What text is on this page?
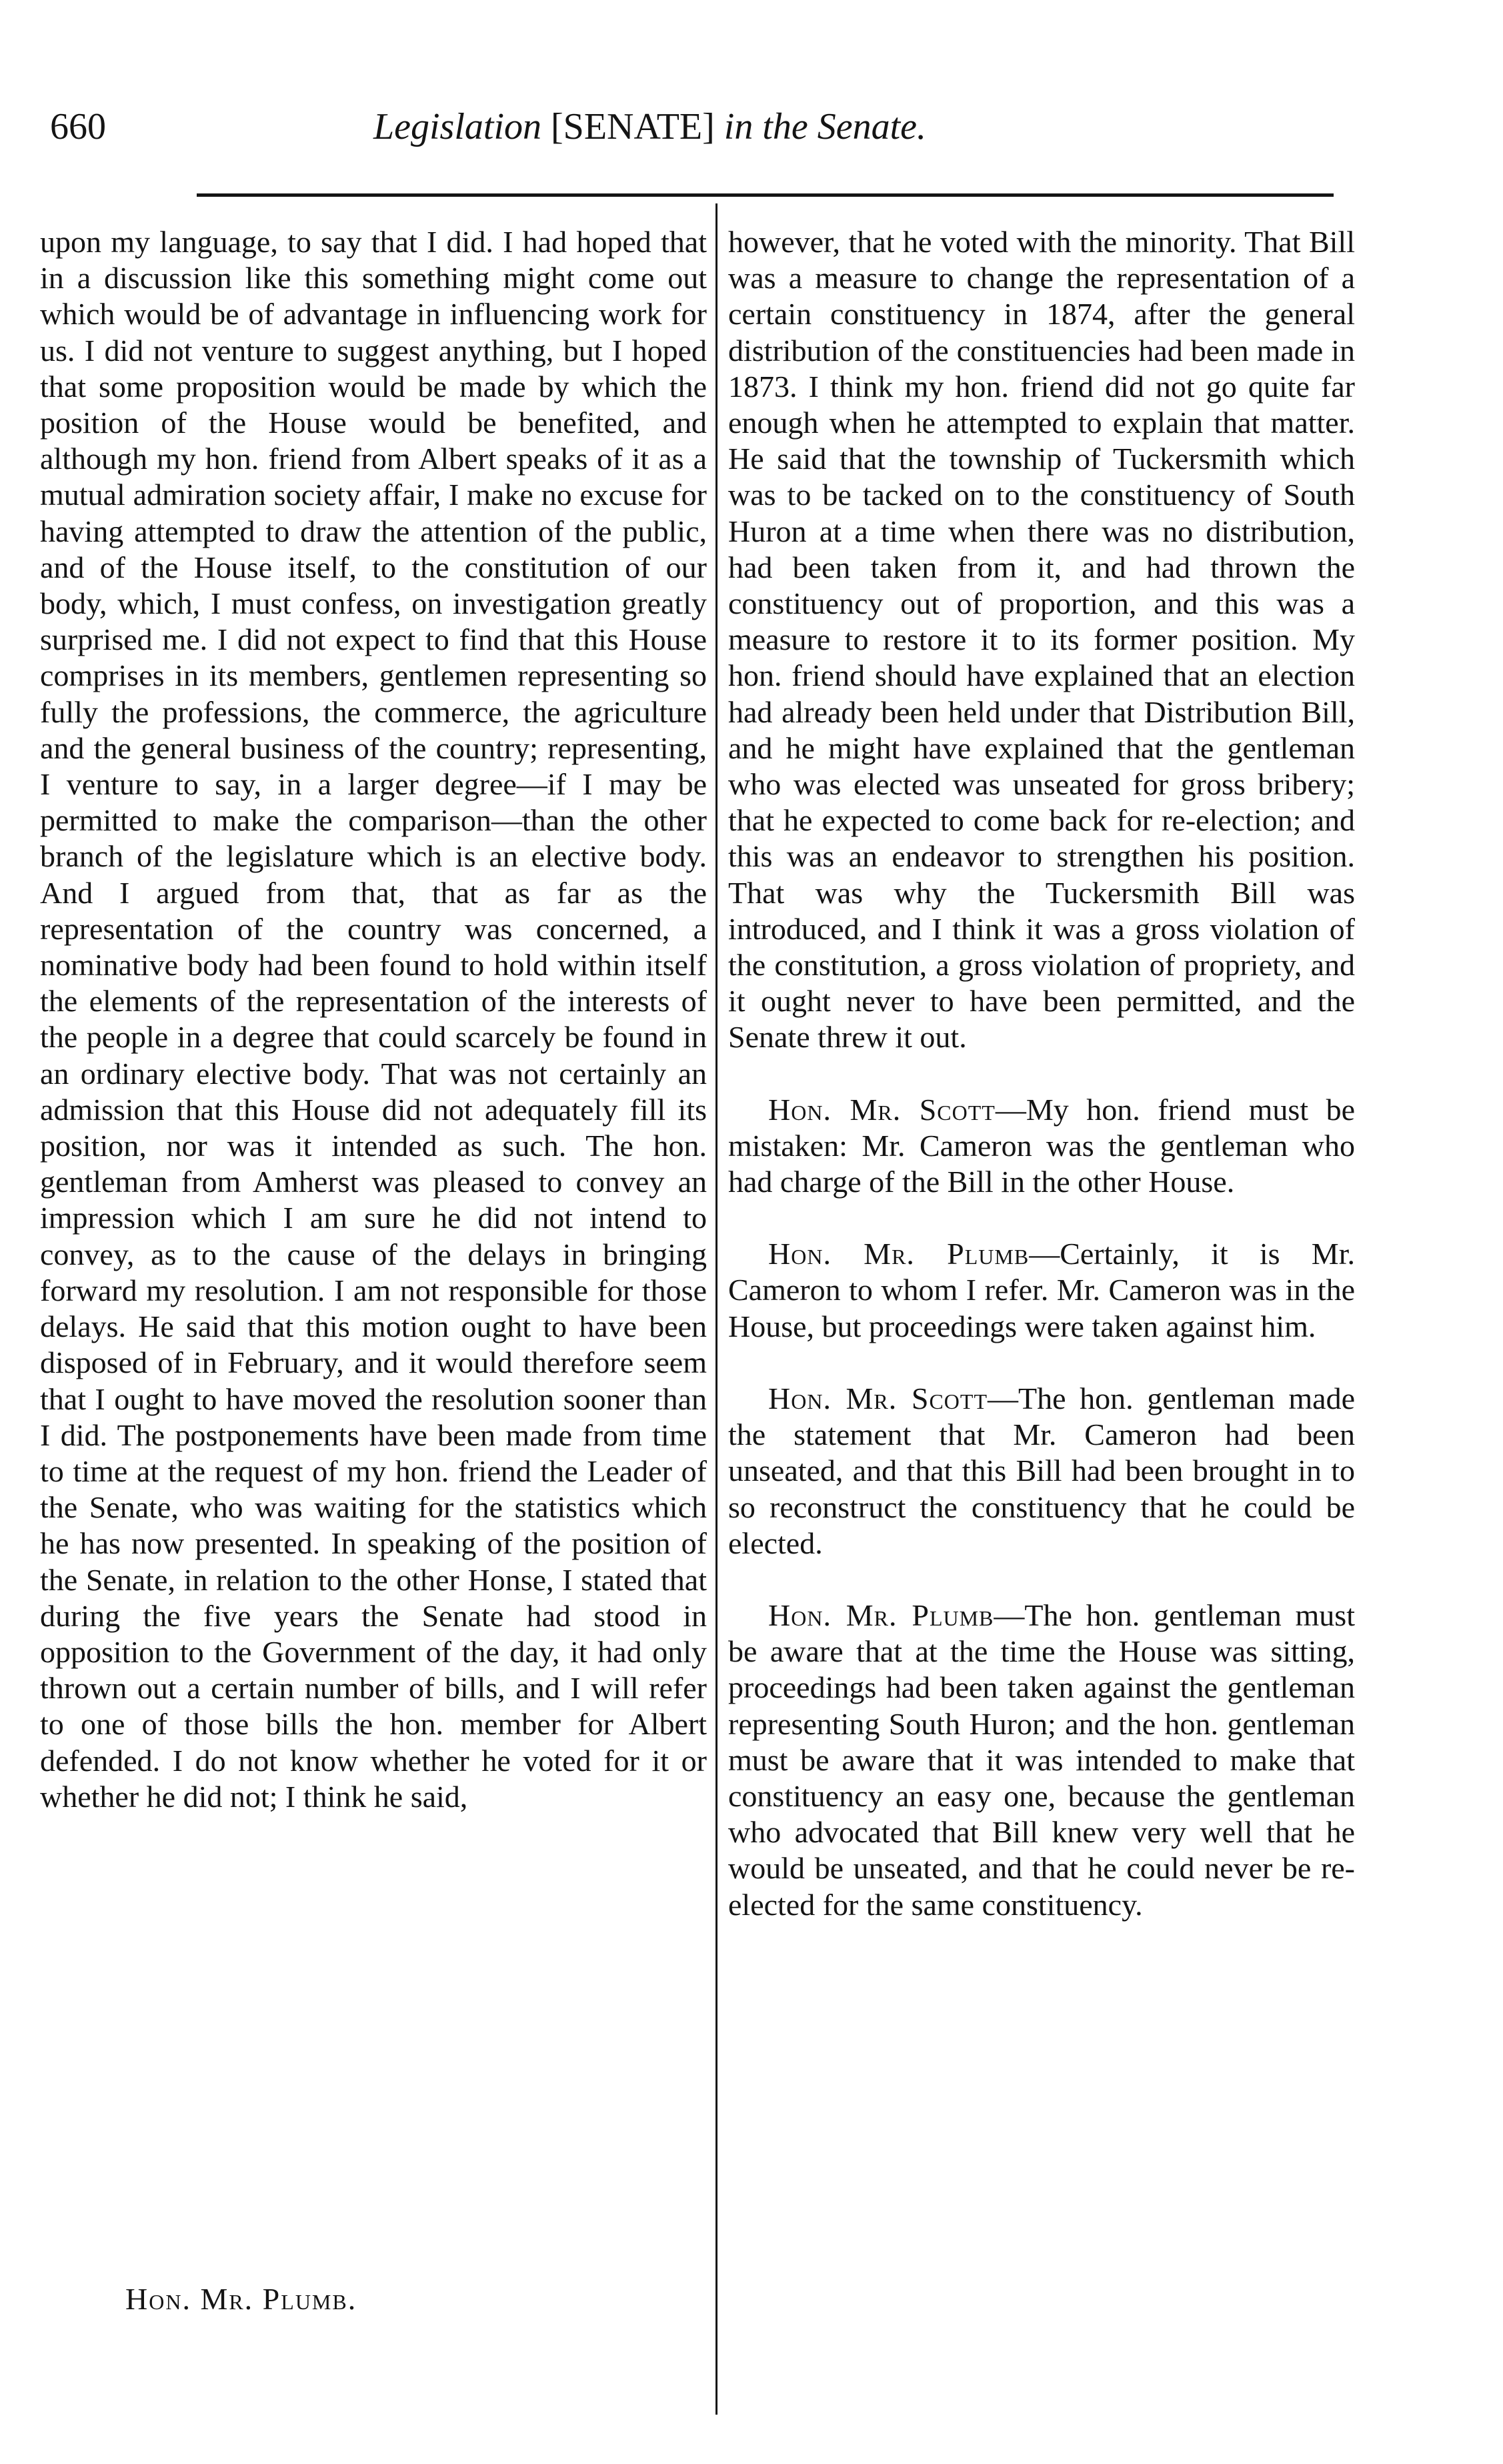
660	Legislation [SENATE] in the Senate.

upon my language, to say that I did. I had hoped that in a discussion like this something might come out which would be of advantage in influencing work for us. I did not venture to suggest anything, but I hoped that some proposition would be made by which the position of the House would be benefited, and although my hon. friend from Albert speaks of it as a mutual admiration society affair, I make no excuse for having attempted to draw the attention of the public, and of the House itself, to the constitution of our body, which, I must confess, on investigation greatly surprised me. I did not expect to find that this House comprises in its members, gentlemen representing so fully the professions, the commerce, the agriculture and the general business of the country; representing, I venture to say, in a larger degree—if I may be permitted to make the comparison—than the other branch of the legislature which is an elective body. And I argued from that, that as far as the representation of the country was concerned, a nominative body had been found to hold within itself the elements of the representation of the interests of the people in a degree that could scarcely be found in an ordinary elective body. That was not certainly an admission that this House did not adequately fill its position, nor was it intended as such. The hon. gentleman from Amherst was pleased to convey an impression which I am sure he did not intend to convey, as to the cause of the delays in bringing forward my resolution. I am not responsible for those delays. He said that this motion ought to have been disposed of in February, and it would therefore seem that I ought to have moved the resolution sooner than I did. The postponements have been made from time to time at the request of my hon. friend the Leader of the Senate, who was waiting for the statistics which he has now presented. In speaking of the position of the Senate, in relation to the other Honse, I stated that during the five years the Senate had stood in opposition to the Government of the day, it had only thrown out a certain number of bills, and I will refer to one of those bills the hon. member for Albert defended. I do not know whether he voted for it or whether he did not; I think he said,

however, that he voted with the minority. That Bill was a measure to change the representation of a certain constituency in 1874, after the general distribution of the constituencies had been made in 1873. I think my hon. friend did not go quite far enough when he attempted to explain that matter. He said that the township of Tuckersmith which was to be tacked on to the constituency of South Huron at a time when there was no distribution, had been taken from it, and had thrown the constituency out of proportion, and this was a measure to restore it to its former position. My hon. friend should have explained that an election had already been held under that Distribution Bill, and he might have explained that the gentleman who was elected was unseated for gross bribery; that he expected to come back for re-election; and this was an endeavor to strengthen his position. That was why the Tuckersmith Bill was introduced, and I think it was a gross violation of the constitution, a gross violation of propriety, and it ought never to have been permitted, and the Senate threw it out.

Hon. Mr. Scott—My hon. friend must be mistaken: Mr. Cameron was the gentleman who had charge of the Bill in the other House.

Hon. Mr. Plumb—Certainly, it is Mr. Cameron to whom I refer. Mr. Cameron was in the House, but proceedings were taken against him.

Hon. Mr. Scott—The hon. gentleman made the statement that Mr. Cameron had been unseated, and that this Bill had been brought in to so reconstruct the constituency that he could be elected.

Hon. Mr. Plumb—The hon. gentleman must be aware that at the time the House was sitting, proceedings had been taken against the gentleman representing South Huron; and the hon. gentleman must be aware that it was intended to make that constituency an easy one, because the gentleman who advocated that Bill knew very well that he would be unseated, and that he could never be re-elected for the same constituency.

Hon. Mr. Plumb.
